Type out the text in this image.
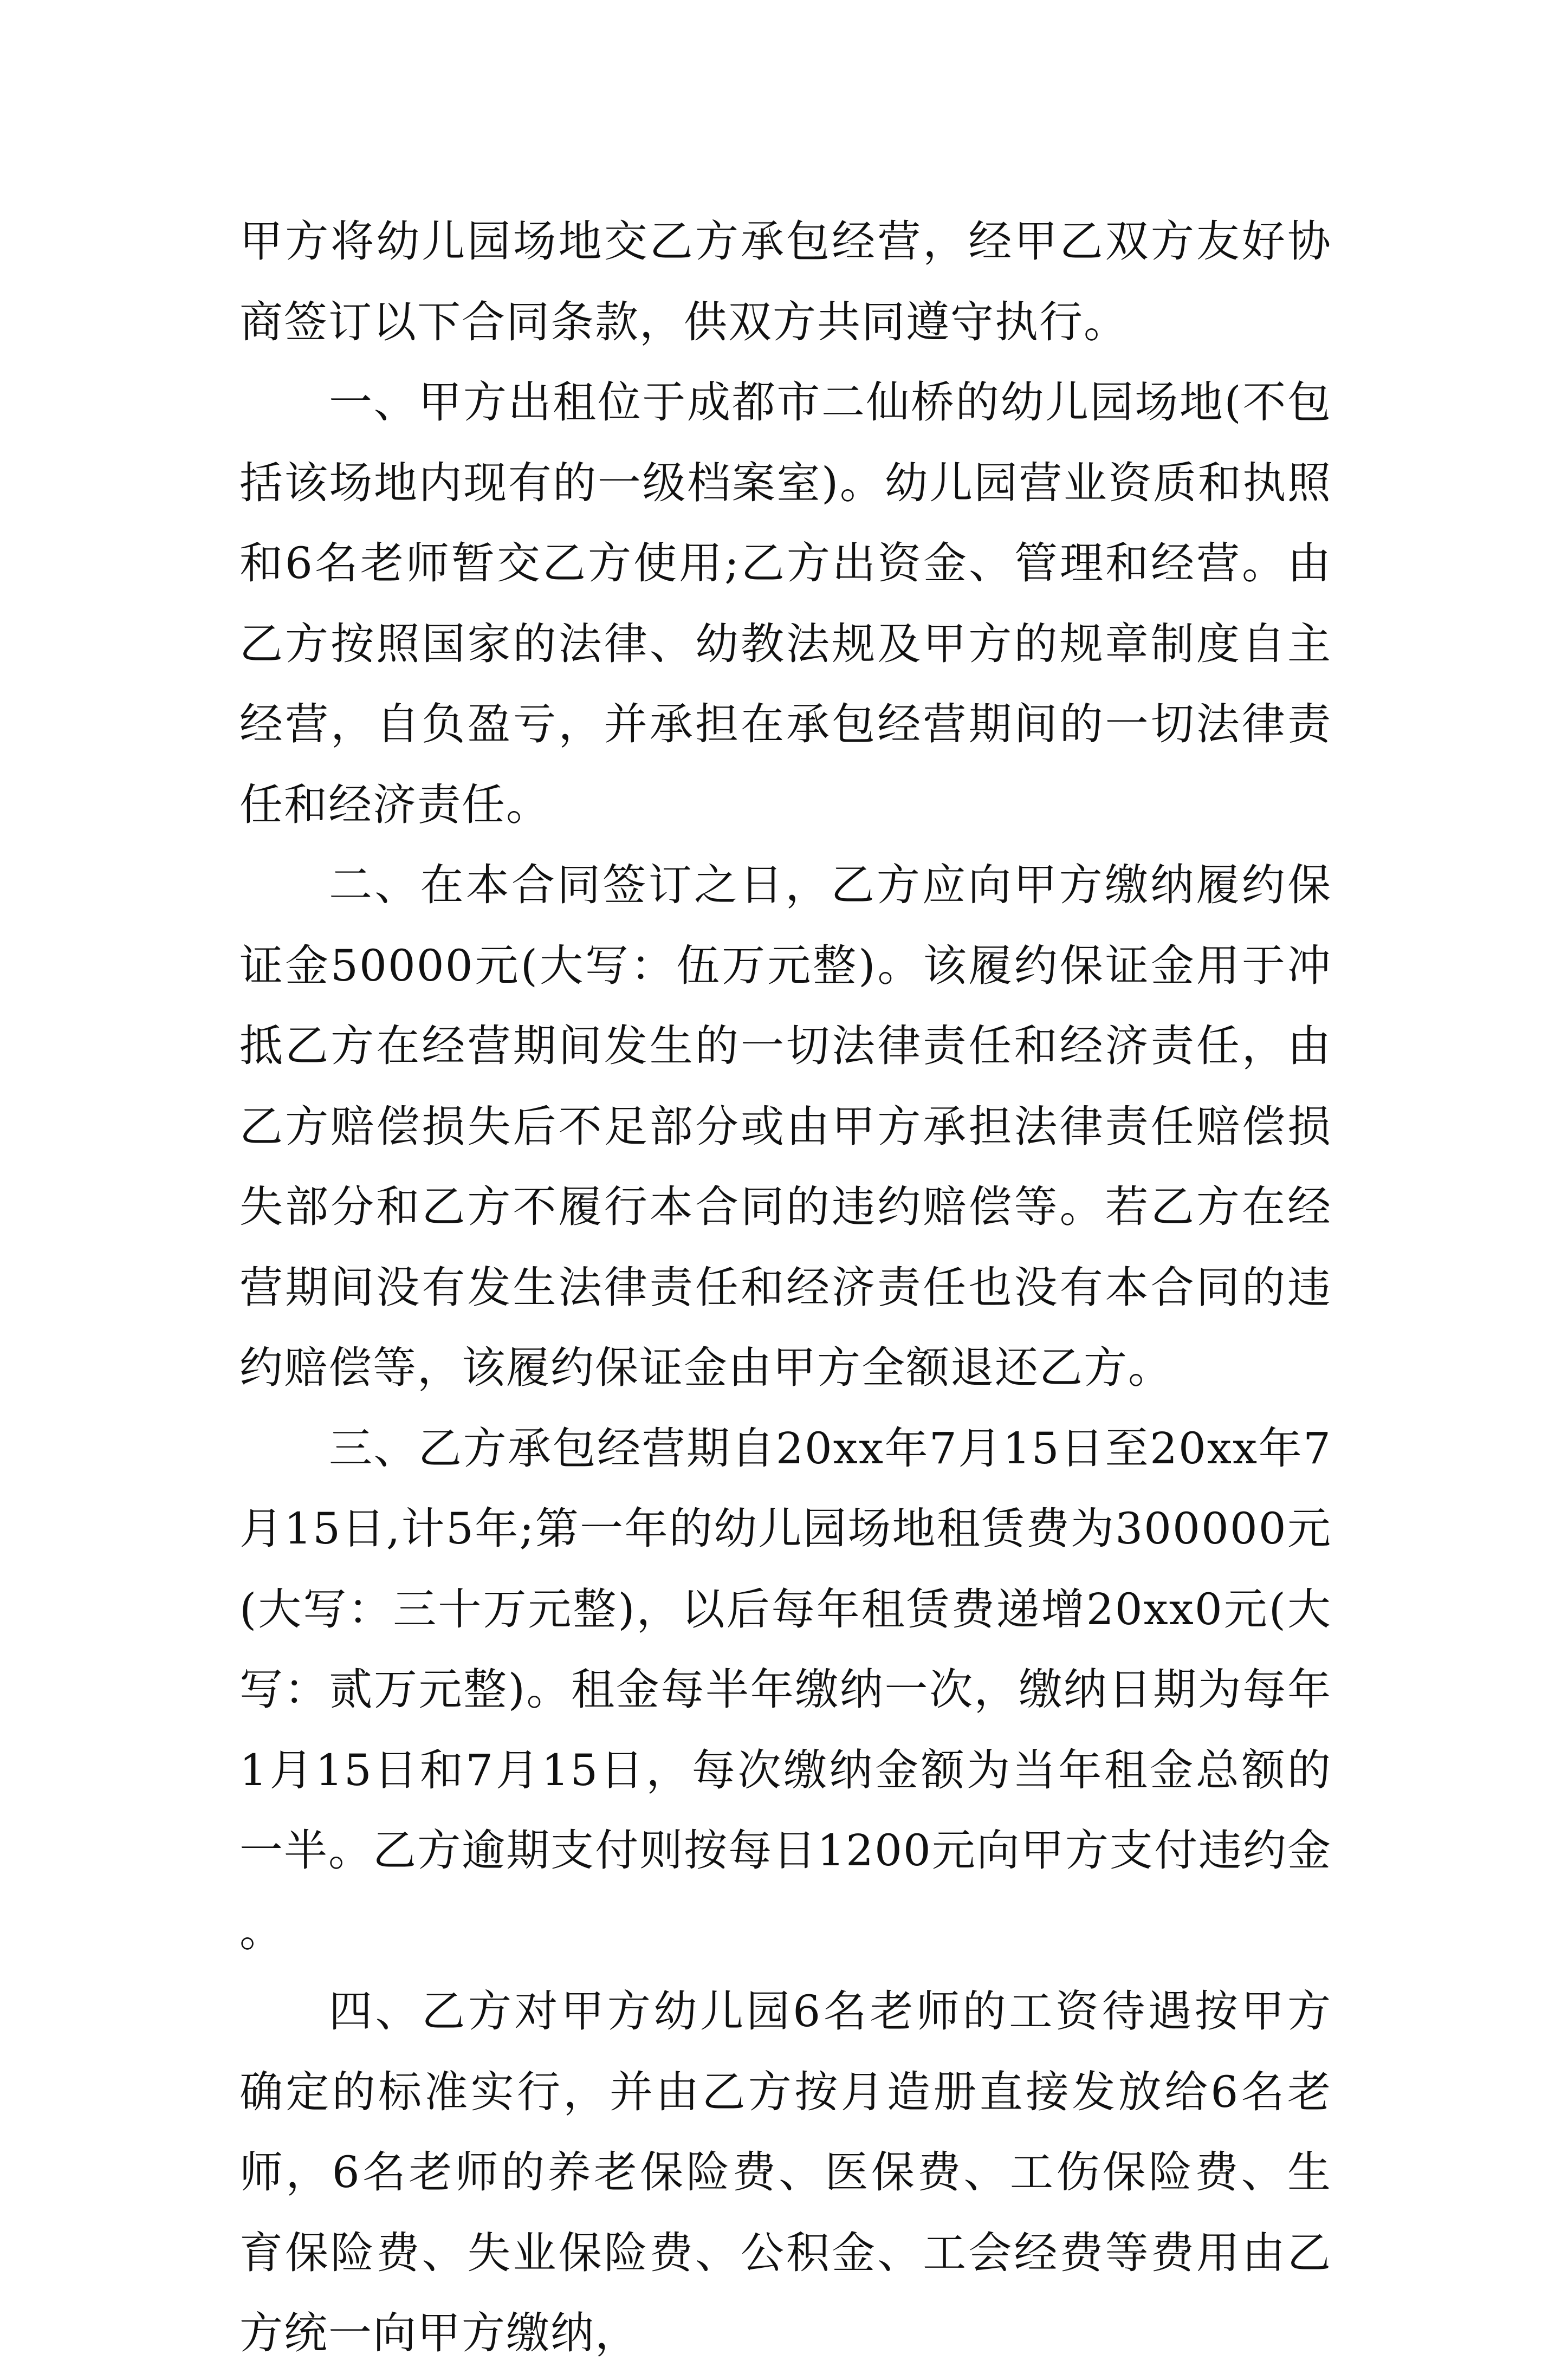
甲方将幼儿园场地交乙方承包经营，经甲乙双方友好协商签订以下合同条款，供双方共同遵守执行。

一、甲方出租位于成都市二仙桥的幼儿园场地(不包括该场地内现有的一级档案室)。幼儿园营业资质和执照和6名老师暂交乙方使用;乙方出资金、管理和经营。由乙方按照国家的法律、幼教法规及甲方的规章制度自主经营，自负盈亏，并承担在承包经营期间的一切法律责任和经济责任。

二、在本合同签订之日，乙方应向甲方缴纳履约保证金50000元(大写：伍万元整)。该履约保证金用于冲抵乙方在经营期间发生的一切法律责任和经济责任，由乙方赔偿损失后不足部分或由甲方承担法律责任赔偿损失部分和乙方不履行本合同的违约赔偿等。若乙方在经营期间没有发生法律责任和经济责任也没有本合同的违约赔偿等，该履约保证金由甲方全额退还乙方。

三、乙方承包经营期自20xx年7月15日至20xx年7月15日,计5年;第一年的幼儿园场地租赁费为300000元(大写：三十万元整)，以后每年租赁费递增20xx0元(大写：贰万元整)。租金每半年缴纳一次，缴纳日期为每年1月15日和7月15日，每次缴纳金额为当年租金总额的一半。乙方逾期支付则按每日1200元向甲方支付违约金。

四、乙方对甲方幼儿园6名老师的工资待遇按甲方确定的标准实行，并由乙方按月造册直接发放给6名老师，6名老师的养老保险费、医保费、工伤保险费、生育保险费、失业保险费、公积金、工会经费等费用由乙方统一向甲方缴纳，
